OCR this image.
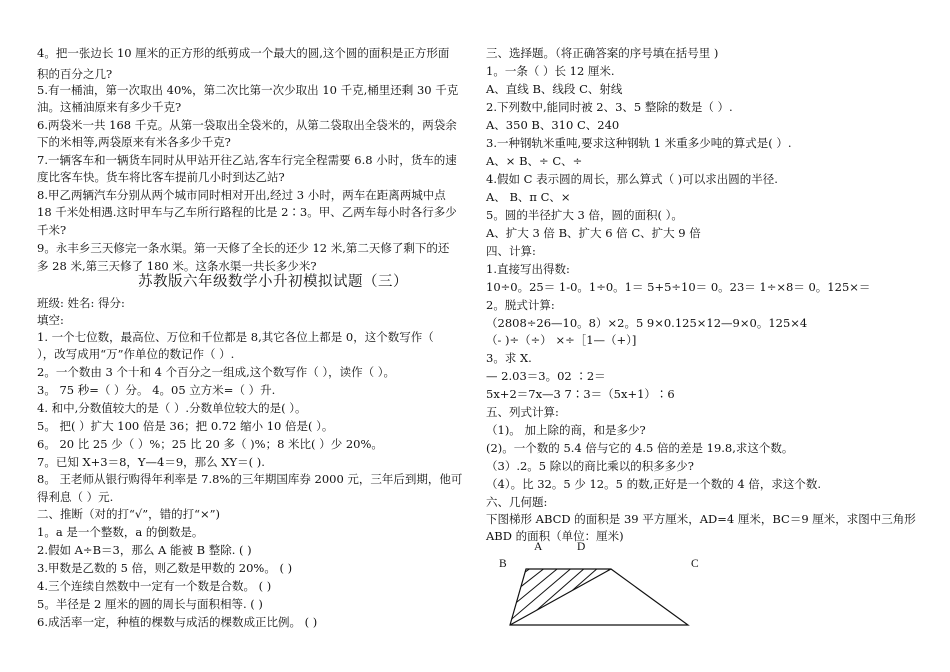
4。把一张边长 10 厘米的正方形的纸剪成一个最大的圆,这个圆的面积是正方形面
积的百分之几?
5.有一桶油，第一次取出 40%，第二次比第一次少取出 10 千克,桶里还剩 30 千克
油。这桶油原来有多少千克?
6.两袋米一共 168 千克。从第一袋取出全袋米的，从第二袋取出全袋米的，两袋余
下的米相等,两袋原来有米各多少千克?
7.一辆客车和一辆货车同时从甲站开往乙站,客车行完全程需要 6.8 小时，货车的速
度比客车快。货车将比客车提前几小时到达乙站?
8.甲乙两辆汽车分别从两个城市同时相对开出,经过 3 小时，两车在距离两城中点
18 千米处相遇.这时甲车与乙车所行路程的比是 2∶3。甲、乙两车每小时各行多少
千米?
9。永丰乡三天修完一条水渠。第一天修了全长的还少 12 米,第二天修了剩下的还
多 28 米,第三天修了 180 米。这条水渠一共长多少米?
苏教版六年级数学小升初模拟试题（三）
班级: 姓名: 得分:
填空:
1. 一个七位数，最高位、万位和千位都是 8,其它各位上都是 0，这个数写作（
），改写成用“万”作单位的数记作（ ）.
2。一个数由 3 个十和 4 个百分之一组成,这个数写作（ ），读作（ ）。
3。 75 秒=（ ）分。 4。05 立方米=（ ）升.
4. 和中,分数值较大的是（ ）.分数单位较大的是( ）。
5。 把( ）扩大 100 倍是 36；把 0.72 缩小 10 倍是( ）。
6。 20 比 25 少（ ）%；25 比 20 多（ )%；8 米比( ）少 20%。
7。已知 X+3＝8，Y—4＝9，那么 XY＝( ).
8。 王老师从银行购得年利率是 7.8%的三年期国库券 2000 元，三年后到期，他可
得利息（ ）元.
二、推断（对的打“√”，错的打“×”)
1。a 是一个整数，a 的倒数是。
2.假如 A÷B＝3，那么 A 能被 B 整除. ( )
3.甲数是乙数的 5 倍，则乙数是甲数的 20%。 ( )
4.三个连续自然数中一定有一个数是合数。 ( )
5。半径是 2 厘米的圆的周长与面积相等. ( )
6.成活率一定，种植的棵数与成活的棵数成正比例。 ( )
三、选择题。（将正确答案的序号填在括号里 )
1。一条（ ）长 12 厘米.
A、直线 B、线段 C、射线
2.下列数中,能同时被 2、3、5 整除的数是（ ）.
A、350 B、310 C、240
3.一种钢轨米重吨,要求这种钢轨 1 米重多少吨的算式是( ）.
A、× B、÷ C、÷
4.假如 C 表示圆的周长，那么算式（ )可以求出圆的半径.
A、 B、π C、×
5。圆的半径扩大 3 倍，圆的面积( ）。
A、扩大 3 倍 B、扩大 6 倍 C、扩大 9 倍
四、计算:
1.直接写出得数:
10÷0。25＝ 1-0。1÷0。1＝ 5+5÷10＝ 0。23＝ 1÷×8＝ 0。125×＝
2。脱式计算:
（2808÷26—10。8）×2。5 9×0.125×12—9×0。125×4
（- )÷（÷） ×÷［1—（+）]
3。求 X.
— 2.03＝3。02 ∶2＝
5x+2＝7x—3 7∶3＝（5x+1）∶6
五、列式计算:
（1)。 加上除的商，和是多少?
(2)。一个数的 5.4 倍与它的 4.5 倍的差是 19.8,求这个数。
（3）.2。5 除以的商比乘以的积多多少?
（4）。比 32。5 少 12。5 的数,正好是一个数的 4 倍，求这个数.
六、几何题:
下图梯形 ABCD 的面积是 39 平方厘米，AD=4 厘米，BC＝9 厘米，求图中三角形
ABD 的面积（单位：厘米)
A	D
B	C
